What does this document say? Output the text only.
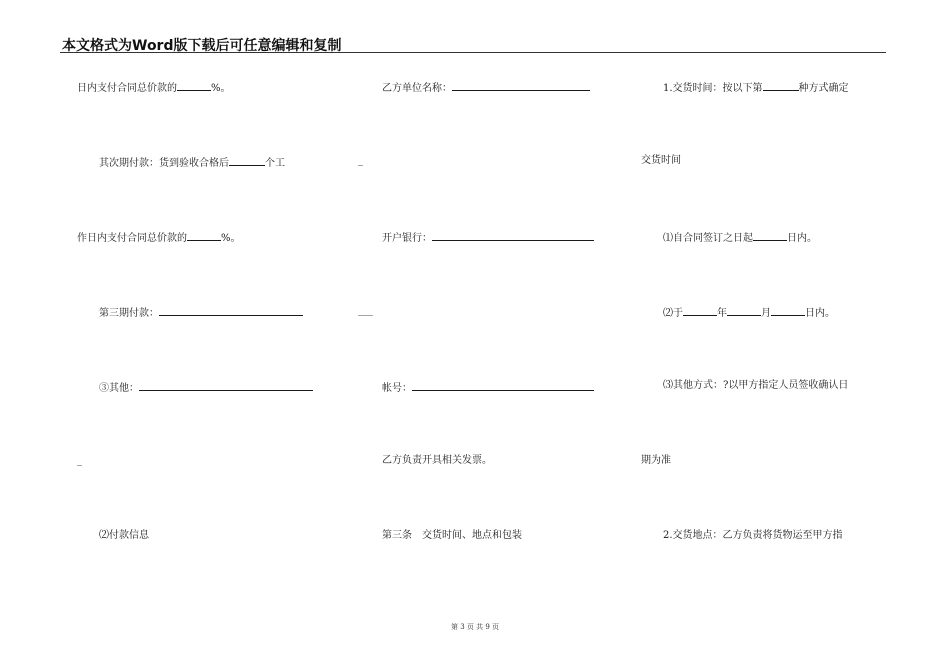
本文格式为Word版下载后可任意编辑和复制
日内支付合同总价款的	%。
其次期付款：货到验收合格后	个工
作日内支付合同总价款的	%。
第三期付款：
③其他：
_
⑵付款信息
乙方单位名称：
_
开户银行：
___
帐号：
乙方负责开具相关发票。
第三条　交货时间、地点和包装
1.交货时间：按以下第	种方式确定
交货时间
⑴自合同签订之日起	日内。
⑵于	年	月	日内。
⑶其他方式：?以甲方指定人员签收确认日
期为准
2.交货地点：乙方负责将货物运至甲方指
第 3 页 共 9 页
